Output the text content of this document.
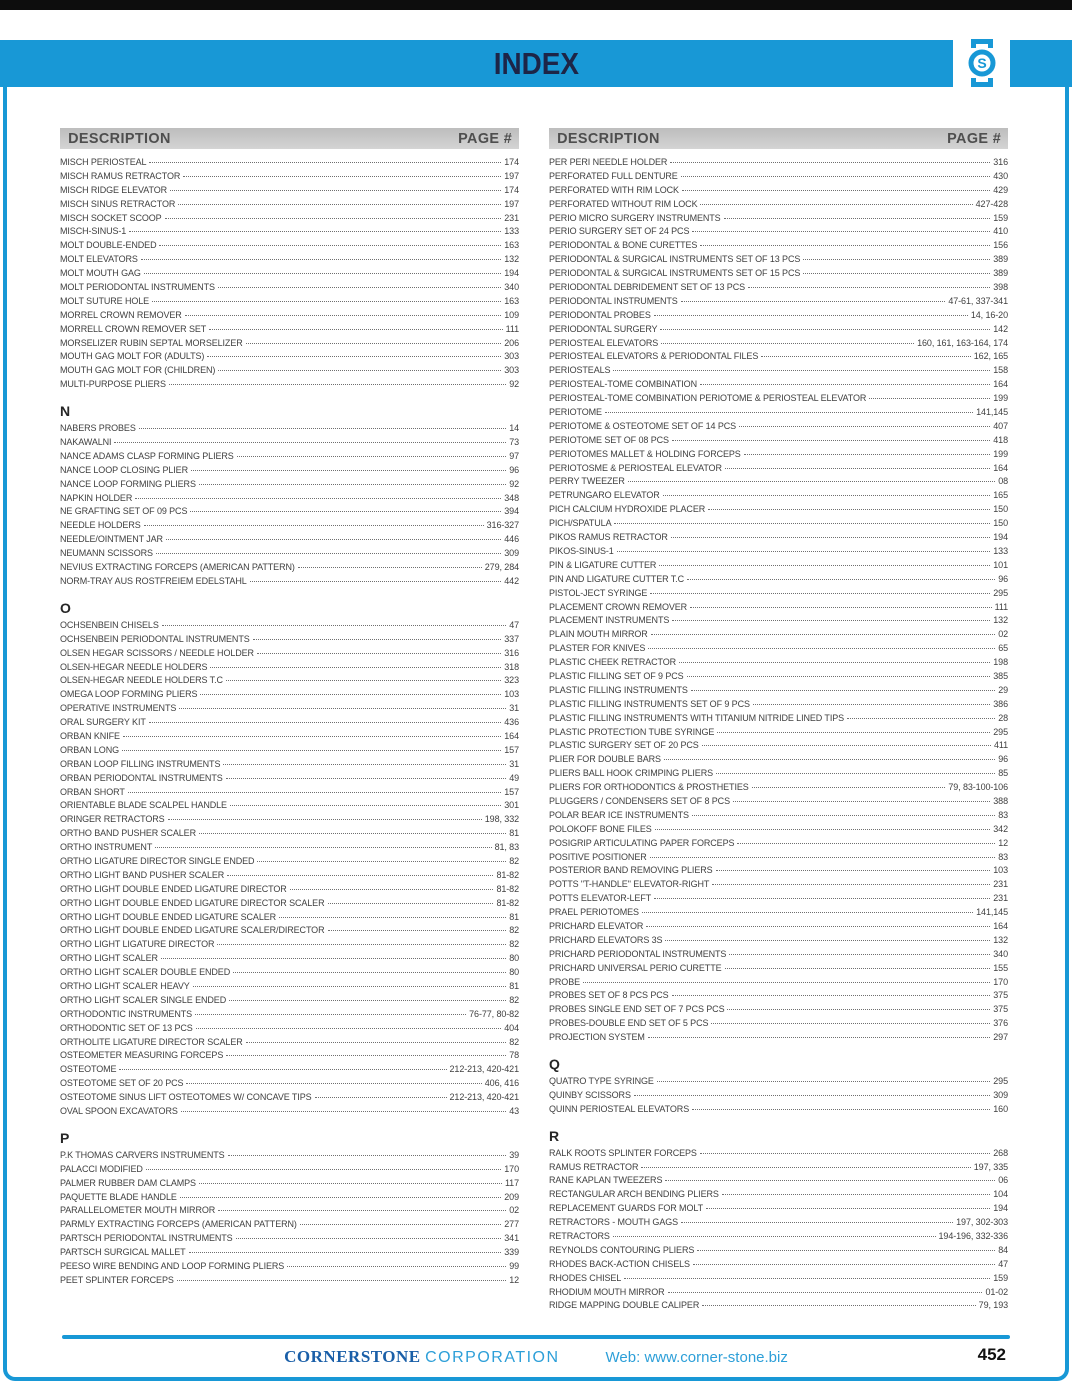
INDEX	S
DESCRIPTION	PAGE #
MISCH PERIOSTEAL	174
MISCH RAMUS RETRACTOR	197
MISCH RIDGE ELEVATOR	174
MISCH SINUS RETRACTOR	197
MISCH SOCKET SCOOP	231
MISCH-SINUS-1	133
MOLT DOUBLE-ENDED	163
MOLT ELEVATORS	132
MOLT MOUTH GAG	194
MOLT PERIODONTAL INSTRUMENTS	340
MOLT SUTURE HOLE	163
MORREL CROWN REMOVER	109
MORRELL CROWN REMOVER SET	111
MORSELIZER RUBIN SEPTAL MORSELIZER	206
MOUTH GAG MOLT FOR (ADULTS)	303
MOUTH GAG MOLT FOR (CHILDREN)	303
MULTI-PURPOSE PLIERS	92
N
NABERS PROBES	14
NAKAWALNI	73
NANCE ADAMS CLASP FORMING PLIERS	97
NANCE LOOP CLOSING PLIER	96
NANCE LOOP FORMING PLIERS	92
NAPKIN HOLDER	348
NE GRAFTING SET OF 09 PCS	394
NEEDLE HOLDERS	316-327
NEEDLE/OINTMENT JAR	446
NEUMANN SCISSORS	309
NEVIUS EXTRACTING FORCEPS (AMERICAN PATTERN)	279, 284
NORM-TRAY AUS ROSTFREIEM EDELSTAHL	442
O
OCHSENBEIN CHISELS	47
OCHSENBEIN PERIODONTAL INSTRUMENTS	337
OLSEN HEGAR SCISSORS / NEEDLE HOLDER	316
OLSEN-HEGAR NEEDLE HOLDERS	318
OLSEN-HEGAR NEEDLE HOLDERS T.C	323
OMEGA LOOP FORMING PLIERS	103
OPERATIVE INSTRUMENTS	31
ORAL SURGERY KIT	436
ORBAN KNIFE	164
ORBAN LONG	157
ORBAN LOOP FILLING INSTRUMENTS	31
ORBAN PERIODONTAL INSTRUMENTS	49
ORBAN SHORT	157
ORIENTABLE BLADE SCALPEL HANDLE	301
ORINGER RETRACTORS	198, 332
ORTHO BAND PUSHER SCALER	81
ORTHO INSTRUMENT	81, 83
ORTHO LIGATURE DIRECTOR SINGLE ENDED	82
ORTHO LIGHT BAND PUSHER SCALER	81-82
ORTHO LIGHT DOUBLE ENDED LIGATURE DIRECTOR	81-82
ORTHO LIGHT DOUBLE ENDED LIGATURE DIRECTOR SCALER	81-82
ORTHO LIGHT DOUBLE ENDED LIGATURE SCALER	81
ORTHO LIGHT DOUBLE ENDED LIGATURE SCALER/DIRECTOR	82
ORTHO LIGHT LIGATURE DIRECTOR	82
ORTHO LIGHT SCALER	80
ORTHO LIGHT SCALER DOUBLE ENDED	80
ORTHO LIGHT SCALER HEAVY	81
ORTHO LIGHT SCALER SINGLE ENDED	82
ORTHODONTIC INSTRUMENTS	76-77, 80-82
ORTHODONTIC SET OF 13 PCS	404
ORTHOLITE LIGATURE DIRECTOR SCALER	82
OSTEOMETER MEASURING FORCEPS	78
OSTEOTOME	212-213, 420-421
OSTEOTOME SET OF 20 PCS	406, 416
OSTEOTOME SINUS LIFT OSTEOTOMES W/ CONCAVE TIPS	212-213, 420-421
OVAL SPOON EXCAVATORS	43
P
P.K THOMAS CARVERS INSTRUMENTS	39
PALACCI MODIFIED	170
PALMER RUBBER DAM CLAMPS	117
PAQUETTE BLADE HANDLE	209
PARALLELOMETER MOUTH MIRROR	02
PARMLY EXTRACTING FORCEPS (AMERICAN PATTERN)	277
PARTSCH PERIODONTAL INSTRUMENTS	341
PARTSCH SURGICAL MALLET	339
PEESO WIRE BENDING AND LOOP FORMING PLIERS	99
PEET SPLINTER FORCEPS	12
DESCRIPTION	PAGE #
PER PERI NEEDLE HOLDER	316
PERFORATED FULL DENTURE	430
PERFORATED WITH RIM LOCK	429
PERFORATED WITHOUT RIM LOCK	427-428
PERIO MICRO SURGERY INSTRUMENTS	159
PERIO SURGERY SET OF 24 PCS	410
PERIODONTAL & BONE CURETTES	156
PERIODONTAL & SURGICAL INSTRUMENTS SET OF 13 PCS	389
PERIODONTAL & SURGICAL INSTRUMENTS SET OF 15 PCS	389
PERIODONTAL DEBRIDEMENT SET OF 13 PCS	398
PERIODONTAL INSTRUMENTS	47-61, 337-341
PERIODONTAL PROBES	14, 16-20
PERIODONTAL SURGERY	142
PERIOSTEAL ELEVATORS	160, 161, 163-164, 174
PERIOSTEAL ELEVATORS & PERIODONTAL FILES	162, 165
PERIOSTEALS	158
PERIOSTEAL-TOME COMBINATION	164
PERIOSTEAL-TOME COMBINATION PERIOTOME & PERIOSTEAL ELEVATOR	199
PERIOTOME	141,145
PERIOTOME & OSTEOTOME SET OF 14 PCS	407
PERIOTOME SET OF 08 PCS	418
PERIOTOMES MALLET & HOLDING FORCEPS	199
PERIOTOSME & PERIOSTEAL ELEVATOR	164
PERRY TWEEZER	08
PETRUNGARO ELEVATOR	165
PICH CALCIUM HYDROXIDE PLACER	150
PICH/SPATULA	150
PIKOS RAMUS RETRACTOR	194
PIKOS-SINUS-1	133
PIN & LIGATURE CUTTER	101
PIN AND LIGATURE CUTTER T.C	96
PISTOL-JECT SYRINGE	295
PLACEMENT CROWN REMOVER	111
PLACEMENT INSTRUMENTS	132
PLAIN MOUTH MIRROR	02
PLASTER FOR KNIVES	65
PLASTIC CHEEK RETRACTOR	198
PLASTIC FILLING SET OF 9 PCS	385
PLASTIC FILLING INSTRUMENTS	29
PLASTIC FILLING INSTRUMENTS SET OF 9 PCS	386
PLASTIC FILLING INSTRUMENTS WITH TITANIUM NITRIDE LINED TIPS	28
PLASTIC PROTECTION TUBE SYRINGE	295
PLASTIC SURGERY SET OF 20 PCS	411
PLIER FOR DOUBLE BARS	96
PLIERS BALL HOOK CRIMPING PLIERS	85
PLIERS FOR ORTHODONTICS & PROSTHETIES	79, 83-100-106
PLUGGERS / CONDENSERS SET OF 8 PCS	388
POLAR BEAR ICE INSTRUMENTS	83
POLOKOFF BONE FILES	342
POSIGRIP ARTICULATING PAPER FORCEPS	12
POSITIVE POSITIONER	83
POSTERIOR BAND REMOVING PLIERS	103
POTTS "T-HANDLE" ELEVATOR-RIGHT	231
POTTS ELEVATOR-LEFT	231
PRAEL PERIOTOMES	141,145
PRICHARD ELEVATOR	164
PRICHARD ELEVATORS 3S	132
PRICHARD PERIODONTAL INSTRUMENTS	340
PRICHARD UNIVERSAL PERIO CURETTE	155
PROBE	170
PROBES SET OF 8 PCS PCS	375
PROBES SINGLE END SET OF 7 PCS PCS	375
PROBES-DOUBLE END SET OF 5 PCS	376
PROJECTION SYSTEM	297
Q
QUATRO TYPE SYRINGE	295
QUINBY SCISSORS	309
QUINN PERIOSTEAL ELEVATORS	160
R
RALK ROOTS SPLINTER FORCEPS	268
RAMUS RETRACTOR	197, 335
RANE KAPLAN TWEEZERS	06
RECTANGULAR ARCH BENDING PLIERS	104
REPLACEMENT GUARDS FOR MOLT	194
RETRACTORS - MOUTH GAGS	197, 302-303
RETRACTORS	194-196, 332-336
REYNOLDS CONTOURING PLIERS	84
RHODES BACK-ACTION CHISELS	47
RHODES CHISEL	159
RHODIUM MOUTH MIRROR	01-02
RIDGE MAPPING DOUBLE CALIPER	79, 193
CORNERSTONE CORPORATION	Web: www.corner-stone.biz	452
